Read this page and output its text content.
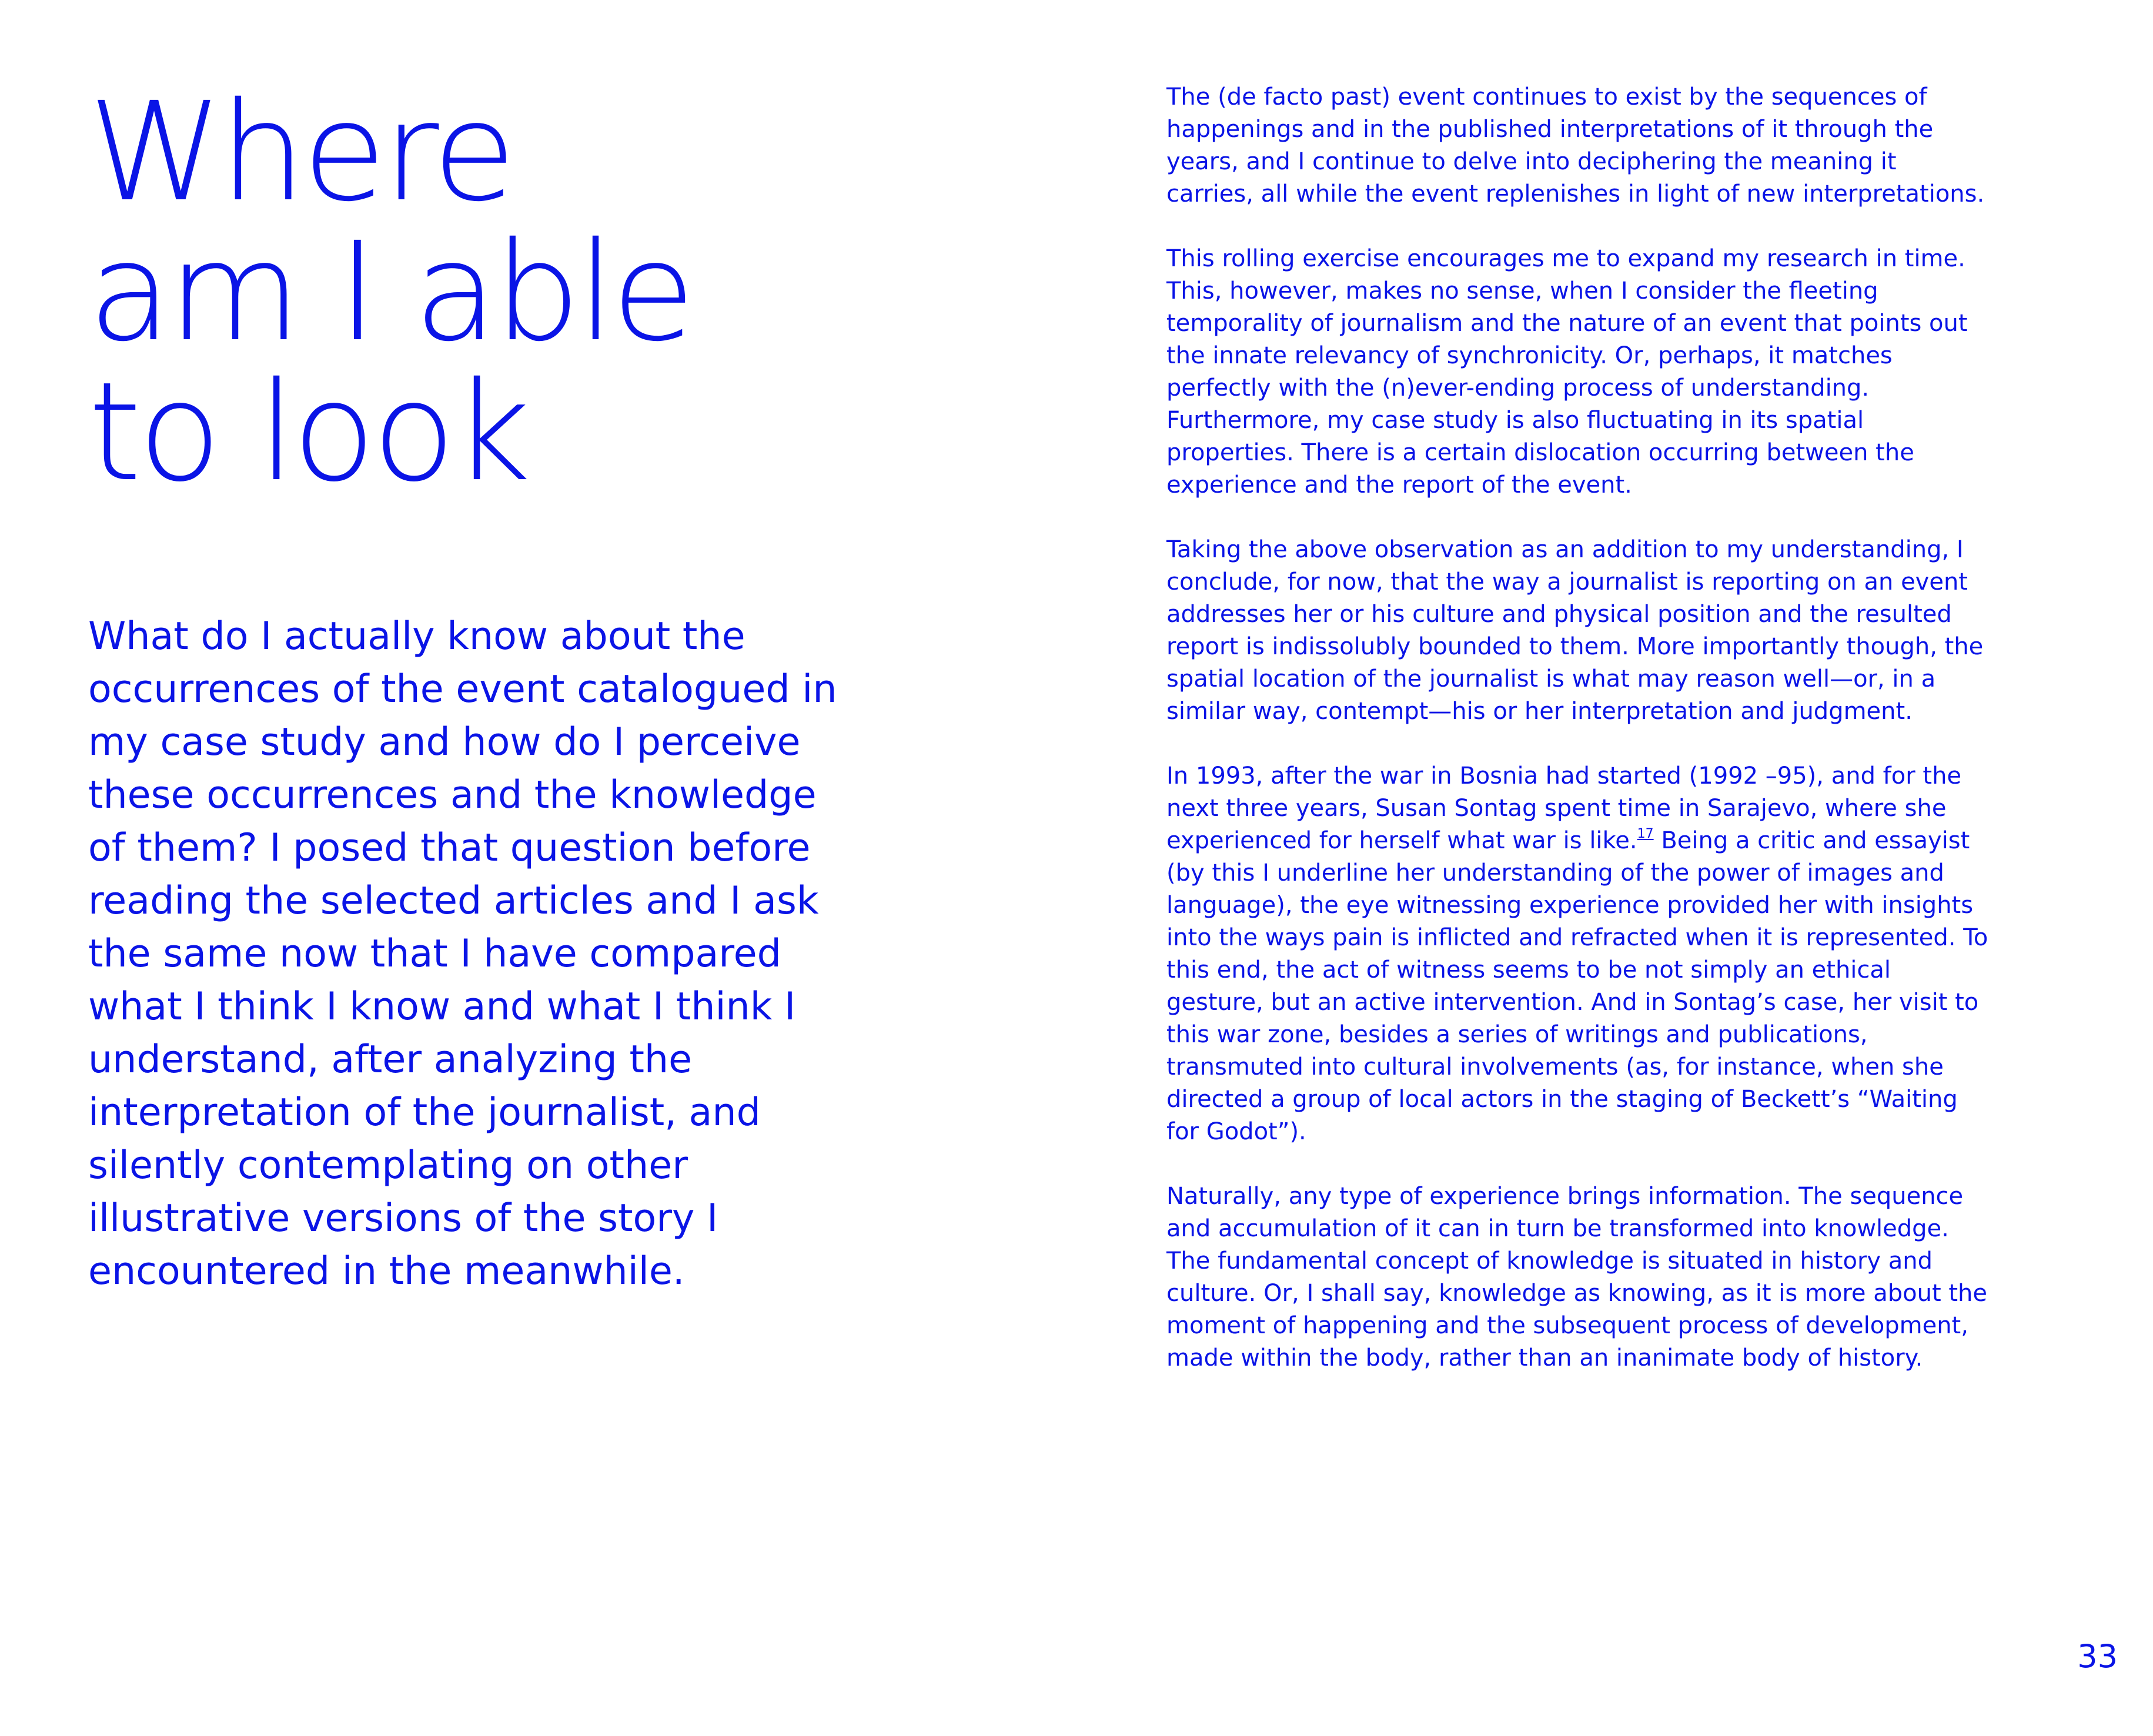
Where
am I able
to look

What do I actually know about the occurrences of the event catalogued in my case study and how do I perceive these occurrences and the knowledge of them? I posed that question before reading the selected articles and I ask the same now that I have compared what I think I know and what I think I understand, after analyzing the interpretation of the journalist, and silently contemplating on other illustrative versions of the story I encountered in the meanwhile.

The (de facto past) event continues to exist by the sequences of happenings and in the published interpretations of it through the years, and I continue to delve into deciphering the meaning it carries, all while the event replenishes in light of new interpretations.

This rolling exercise encourages me to expand my research in time. This, however, makes no sense, when I consider the fleeting temporality of journalism and the nature of an event that points out the innate relevancy of synchronicity. Or, perhaps, it matches perfectly with the (n)ever-ending process of understanding. Furthermore, my case study is also fluctuating in its spatial properties. There is a certain dislocation occurring between the experience and the report of the event.

Taking the above observation as an addition to my understanding, I conclude, for now, that the way a journalist is reporting on an event addresses her or his culture and physical position and the resulted report is indissolubly bounded to them. More importantly though, the spatial location of the journalist is what may reason well—or, in a similar way, contempt—his or her interpretation and judgment.

In 1993, after the war in Bosnia had started (1992 –95), and for the next three years, Susan Sontag spent time in Sarajevo, where she experienced for herself what war is like.$^{17}$ Being a critic and essayist (by this I underline her understanding of the power of images and language), the eye witnessing experience provided her with insights into the ways pain is inflicted and refracted when it is represented. To this end, the act of witness seems to be not simply an ethical gesture, but an active intervention. And in Sontag’s case, her visit to this war zone, besides a series of writings and publications, transmuted into cultural involvements (as, for instance, when she directed a group of local actors in the staging of Beckett’s “Waiting for Godot”).

Naturally, any type of experience brings information. The sequence and accumulation of it can in turn be transformed into knowledge. The fundamental concept of knowledge is situated in history and culture. Or, I shall say, knowledge as knowing, as it is more about the moment of happening and the subsequent process of development, made within the body, rather than an inanimate body of history.

33
